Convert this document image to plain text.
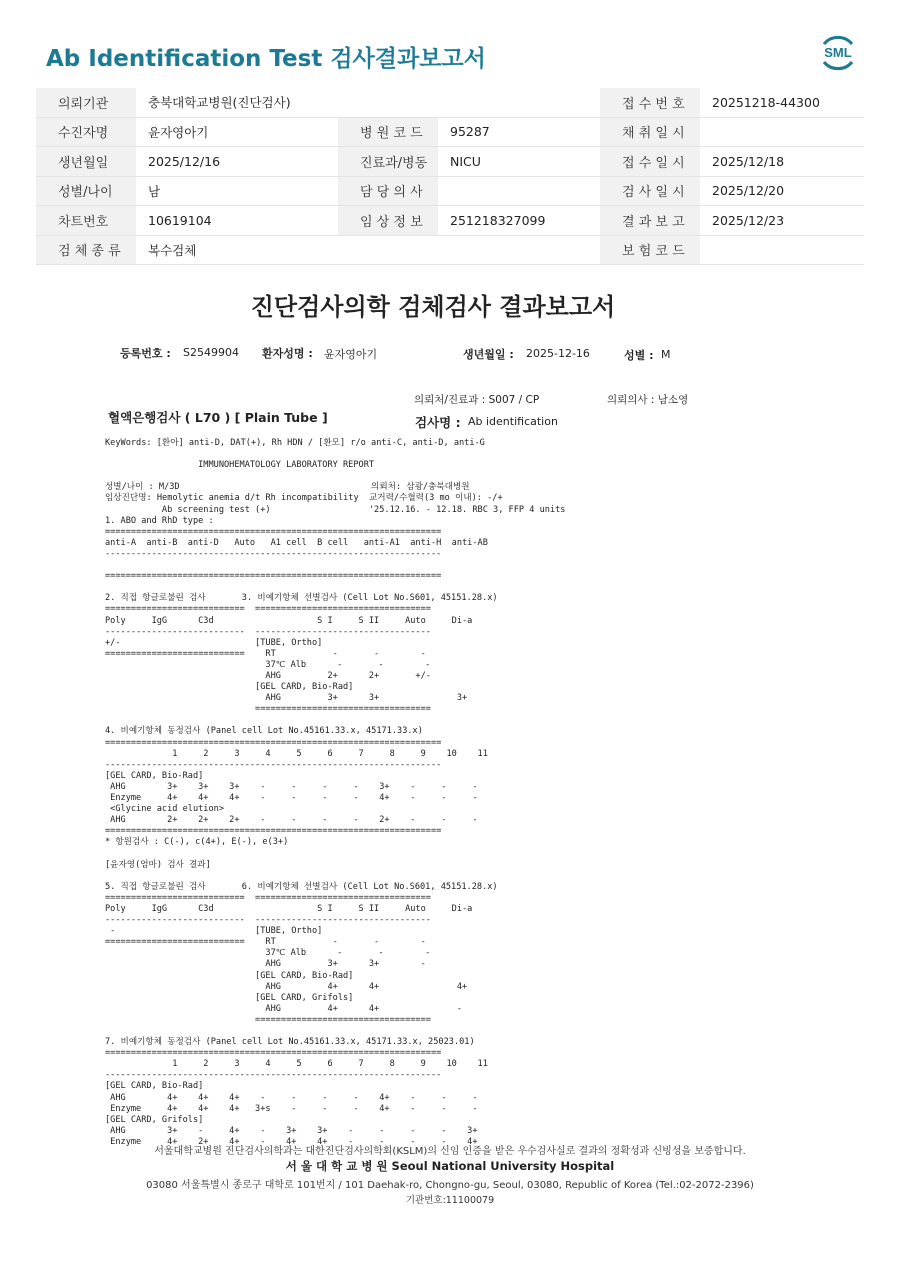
Ab Identification Test 검사결과보고서	SML
의뢰기관	충북대학교병원(진단검사)			접 수 번 호	20251218-44300
수진자명	윤자영아기	병 원 코 드	95287	채 취 일 시	
생년월일	2025/12/16	진료과/병동	NICU	접 수 일 시	2025/12/18
성별/나이	남	담 당 의 사		검 사 일 시	2025/12/20
차트번호	10619104	임 상 정 보	251218327099	결 과 보 고	2025/12/23
검 체 종 류	복수검체			보 험 코 드	
진단검사의학 검체검사 결과보고서
등록번호 : S2549904 환자성명 : 윤자영아기	생년월일 : 2025-12-16	성별 : M
의뢰처/진료과 : S007 / CP	의뢰의사 : 남소영
혈액은행검사 ( L70 ) [ Plain Tube ]	검사명 : Ab identification
KeyWords: [환아] anti-D, DAT(+), Rh HDN / [환모] r/o anti-C, anti-D, anti-G

IMMUNOHEMATOLOGY LABORATORY REPORT

성별/나이 : M/3D                                     의뢰처: 삼광/충북대병원
임상진단명: Hemolytic anemia d/t Rh incompatibility  교거력/수혈력(3 mo 이내): -/+
Ab screening test (+)                   '25.12.16. - 12.18. RBC 3, FFP 4 units
1. ABO and RhD type :
=================================================================
anti-A  anti-B  anti-D   Auto   A1 cell  B cell   anti-A1  anti-H  anti-AB
-----------------------------------------------------------------

=================================================================

2. 직접 항글로불린 검사       3. 비예기항체 선별검사 (Cell Lot No.S601, 45151.28.x)
===========================  ==================================
Poly     IgG      C3d                    S I     S II     Auto     Di-a
---------------------------  ----------------------------------
+/-                          [TUBE, Ortho]
===========================    RT           -       -        -
37℃ Alb      -       -        -
AHG         2+      2+       +/-
[GEL CARD, Bio-Rad]
AHG         3+      3+               3+
==================================

4. 비예기항체 동정검사 (Panel cell Lot No.45161.33.x, 45171.33.x)
=================================================================
1     2     3     4     5     6     7     8     9    10    11
-----------------------------------------------------------------
[GEL CARD, Bio-Rad]
AHG        3+    3+    3+    -     -     -     -    3+    -     -     -
Enzyme     4+    4+    4+    -     -     -     -    4+    -     -     -
<Glycine acid elution>
AHG        2+    2+    2+    -     -     -     -    2+    -     -     -
=================================================================
* 항원검사 : C(-), c(4+), E(-), e(3+)

[윤자영(엄마) 검사 결과]

5. 직접 항글로불린 검사       6. 비예기항체 선별검사 (Cell Lot No.S601, 45151.28.x)
===========================  ==================================
Poly     IgG      C3d                    S I     S II     Auto     Di-a
---------------------------  ----------------------------------
-                           [TUBE, Ortho]
===========================    RT           -       -        -
37℃ Alb      -       -        -
AHG         3+      3+        -
[GEL CARD, Bio-Rad]
AHG         4+      4+               4+
[GEL CARD, Grifols]
AHG         4+      4+               -
==================================

7. 비예기항체 동정검사 (Panel cell Lot No.45161.33.x, 45171.33.x, 25023.01)
=================================================================
1     2     3     4     5     6     7     8     9    10    11
-----------------------------------------------------------------
[GEL CARD, Bio-Rad]
AHG        4+    4+    4+    -     -     -     -    4+    -     -     -
Enzyme     4+    4+    4+   3+s    -     -     -    4+    -     -     -
[GEL CARD, Grifols]
AHG        3+    -     4+    -    3+    3+    -     -     -     -    3+
Enzyme     4+    2+    4+    -    4+    4+    -     -     -     -    4+
서울대학교병원 진단검사의학과는 대한진단검사의학회(KSLM)의 신임 인증을 받은 우수검사실로 결과의 정확성과 신빙성을 보증합니다.
서 울 대 학 교 병 원 Seoul National University Hospital
03080 서울특별시 종로구 대학로 101번지 / 101 Daehak-ro, Chongno-gu, Seoul, 03080, Republic of Korea (Tel.:02-2072-2396)
기관번호:11100079
